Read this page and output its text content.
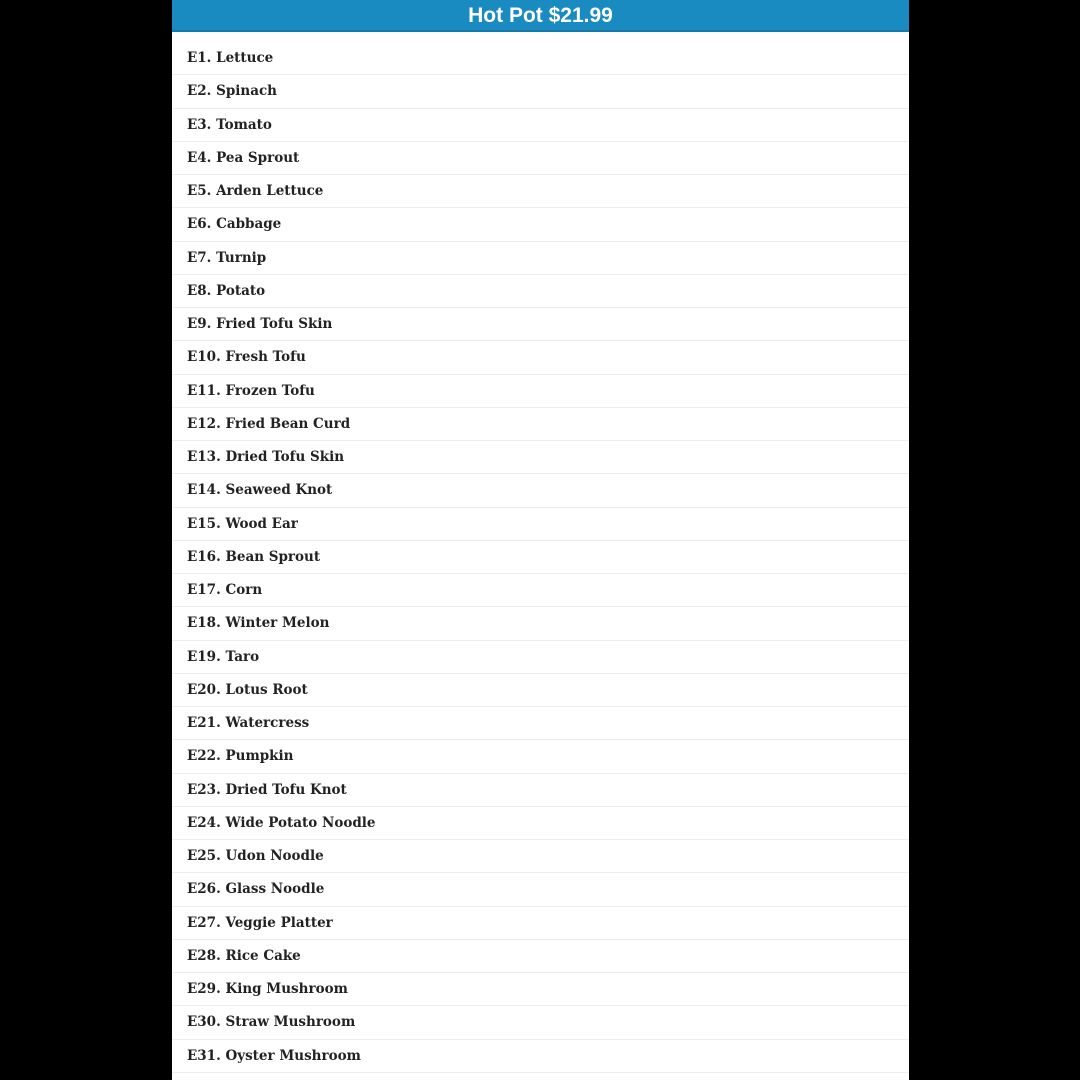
Hot Pot $21.99
E1. Lettuce
E2. Spinach
E3. Tomato
E4. Pea Sprout
E5. Arden Lettuce
E6. Cabbage
E7. Turnip
E8. Potato
E9. Fried Tofu Skin
E10. Fresh Tofu
E11. Frozen Tofu
E12. Fried Bean Curd
E13. Dried Tofu Skin
E14. Seaweed Knot
E15. Wood Ear
E16. Bean Sprout
E17. Corn
E18. Winter Melon
E19. Taro
E20. Lotus Root
E21. Watercress
E22. Pumpkin
E23. Dried Tofu Knot
E24. Wide Potato Noodle
E25. Udon Noodle
E26. Glass Noodle
E27. Veggie Platter
E28. Rice Cake
E29. King Mushroom
E30. Straw Mushroom
E31. Oyster Mushroom
